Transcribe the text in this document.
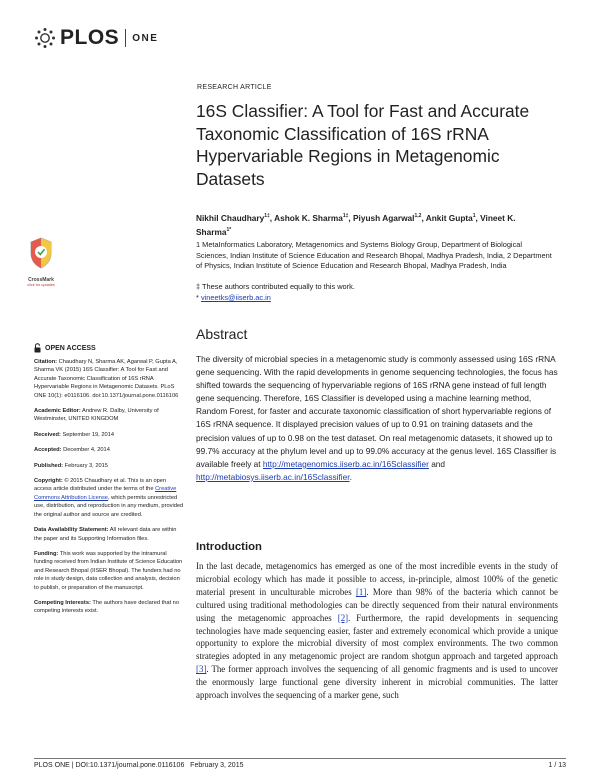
PLOS ONE
RESEARCH ARTICLE
16S Classifier: A Tool for Fast and Accurate Taxonomic Classification of 16S rRNA Hypervariable Regions in Metagenomic Datasets
Nikhil Chaudhary$^{1\ddagger}$, Ashok K. Sharma$^{1\ddagger}$, Piyush Agarwal$^{1,2}$, Ankit Gupta$^1$, Vineet K. Sharma$^{1*}$
1 MetaInformatics Laboratory, Metagenomics and Systems Biology Group, Department of Biological Sciences, Indian Institute of Science Education and Research Bhopal, Madhya Pradesh, India, 2 Department of Physics, Indian Institute of Science Education and Research Bhopal, Madhya Pradesh, India
‡ These authors contributed equally to this work.
* vineetks@iiserb.ac.in
Abstract
The diversity of microbial species in a metagenomic study is commonly assessed using 16S rRNA gene sequencing. With the rapid developments in genome sequencing technologies, the focus has shifted towards the sequencing of hypervariable regions of 16S rRNA gene instead of full length gene sequencing. Therefore, 16S Classifier is developed using a machine learning method, Random Forest, for faster and accurate taxonomic classification of short hypervariable regions of 16S rRNA sequence. It displayed precision values of up to 0.91 on training datasets and the precision values of up to 0.98 on the test dataset. On real metagenomic datasets, it showed up to 99.7% accuracy at the phylum level and up to 99.0% accuracy at the genus level. 16S Classifier is available freely at http://metagenomics.iiserb.ac.in/16Sclassifier and http://metabiosys.iiserb.ac.in/16Sclassifier.
Introduction
In the last decade, metagenomics has emerged as one of the most incredible events in the study of microbial ecology which has made it possible to access, in-principle, almost 100% of the genetic material present in unculturable microbes [1]. More than 98% of the bacteria which cannot be cultured using traditional methodologies can be directly sequenced from their natural environments using the metagenomic approaches [2]. Furthermore, the rapid developments in sequencing technologies have made sequencing easier, faster and extremely economical which provide a unique opportunity to explore the microbial diversity of most complex environments. The two common strategies adopted in any metagenomic project are random shotgun approach and targeted approach [3]. The former approach involves the sequencing of all genomic fragments and is used to uncover the enormously large functional gene diversity inherent in microbial communities. The latter approach involves the sequencing of a marker gene, such
CrossMark
click for updates
OPEN ACCESS

Citation: Chaudhary N, Sharma AK, Agarwal P, Gupta A, Sharma VK (2015) 16S Classifier: A Tool for Fast and Accurate Taxonomic Classification of 16S rRNA Hypervariable Regions in Metagenomic Datasets. PLoS ONE 10(1): e0116106. doi:10.1371/journal.pone.0116106

Academic Editor: Andrew R. Dalby, University of Westminster, UNITED KINGDOM

Received: September 19, 2014

Accepted: December 4, 2014

Published: February 3, 2015

Copyright: © 2015 Chaudhary et al. This is an open access article distributed under the terms of the Creative Commons Attribution License, which permits unrestricted use, distribution, and reproduction in any medium, provided the original author and source are credited.

Data Availability Statement: All relevant data are within the paper and its Supporting Information files.

Funding: This work was supported by the intramural funding received from Indian Institute of Science Education and Research Bhopal (IISER Bhopal). The funders had no role in study design, data collection and analysis, decision to publish, or preparation of the manuscript.

Competing Interests: The authors have declared that no competing interests exist.

PLOS ONE | DOI:10.1371/journal.pone.0116106   February 3, 2015	1 / 13
